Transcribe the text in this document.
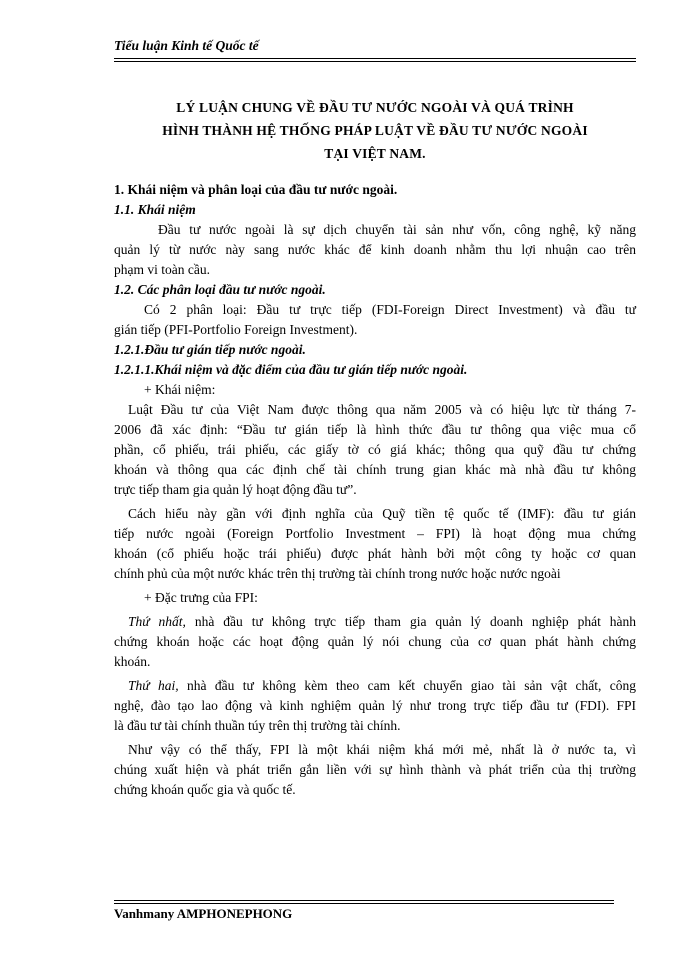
Tiểu luận Kinh tế Quốc tế
LÝ LUẬN CHUNG VỀ ĐẦU TƯ NƯỚC NGOÀI VÀ QUÁ TRÌNH
HÌNH THÀNH HỆ THỐNG PHÁP LUẬT VỀ ĐẦU TƯ NƯỚC NGOÀI
TẠI VIỆT NAM.
1. Khái niệm và phân loại của đầu tư nước ngoài.
1.1. Khái niệm
Đầu tư nước ngoài là sự dịch chuyển tài sản như vốn, công nghệ, kỹ năng
quản lý từ nước này sang nước khác để kinh doanh nhằm thu lợi nhuận cao trên
phạm vi toàn cầu.
1.2. Các phân loại đầu tư nước ngoài.
Có 2 phân loại: Đầu tư trực tiếp (FDI-Foreign Direct Investment) và đầu tư
gián tiếp (PFI-Portfolio Foreign Investment).
1.2.1.Đầu tư gián tiếp nước ngoài.
1.2.1.1.Khái niệm và đặc điểm của đầu tư gián tiếp nước ngoài.
+ Khái niệm:
Luật Đầu tư của Việt Nam được thông qua năm 2005 và có hiệu lực từ tháng 7-
2006 đã xác định: “Đầu tư gián tiếp là hình thức đầu tư thông qua việc mua cổ
phần, cổ phiếu, trái phiếu, các giấy tờ có giá khác; thông qua quỹ đầu tư chứng
khoán và thông qua các định chế tài chính trung gian khác mà nhà đầu tư không
trực tiếp tham gia quản lý hoạt động đầu tư”.
Cách hiểu này gần với định nghĩa của Quỹ tiền tệ quốc tế (IMF): đầu tư gián
tiếp nước ngoài (Foreign Portfolio Investment – FPI) là hoạt động mua chứng
khoán (cổ phiếu hoặc trái phiếu) được phát hành bởi một công ty hoặc cơ quan
chính phủ của một nước khác trên thị trường tài chính trong nước hoặc nước ngoài
+ Đặc trưng của FPI:
Thứ nhất, nhà đầu tư không trực tiếp tham gia quản lý doanh nghiệp phát hành
chứng khoán hoặc các hoạt động quản lý nói chung của cơ quan phát hành chứng
khoán.
Thứ hai, nhà đầu tư không kèm theo cam kết chuyển giao tài sản vật chất, công
nghệ, đào tạo lao động và kinh nghiệm quản lý như trong trực tiếp đầu tư (FDI). FPI
là đầu tư tài chính thuần túy trên thị trường tài chính.
Như vậy có thể thấy, FPI là một khái niệm khá mới mẻ, nhất là ở nước ta, vì
chúng xuất hiện và phát triển gắn liền với sự hình thành và phát triển của thị trường
chứng khoán quốc gia và quốc tế.
Vanhmany AMPHONEPHONG
